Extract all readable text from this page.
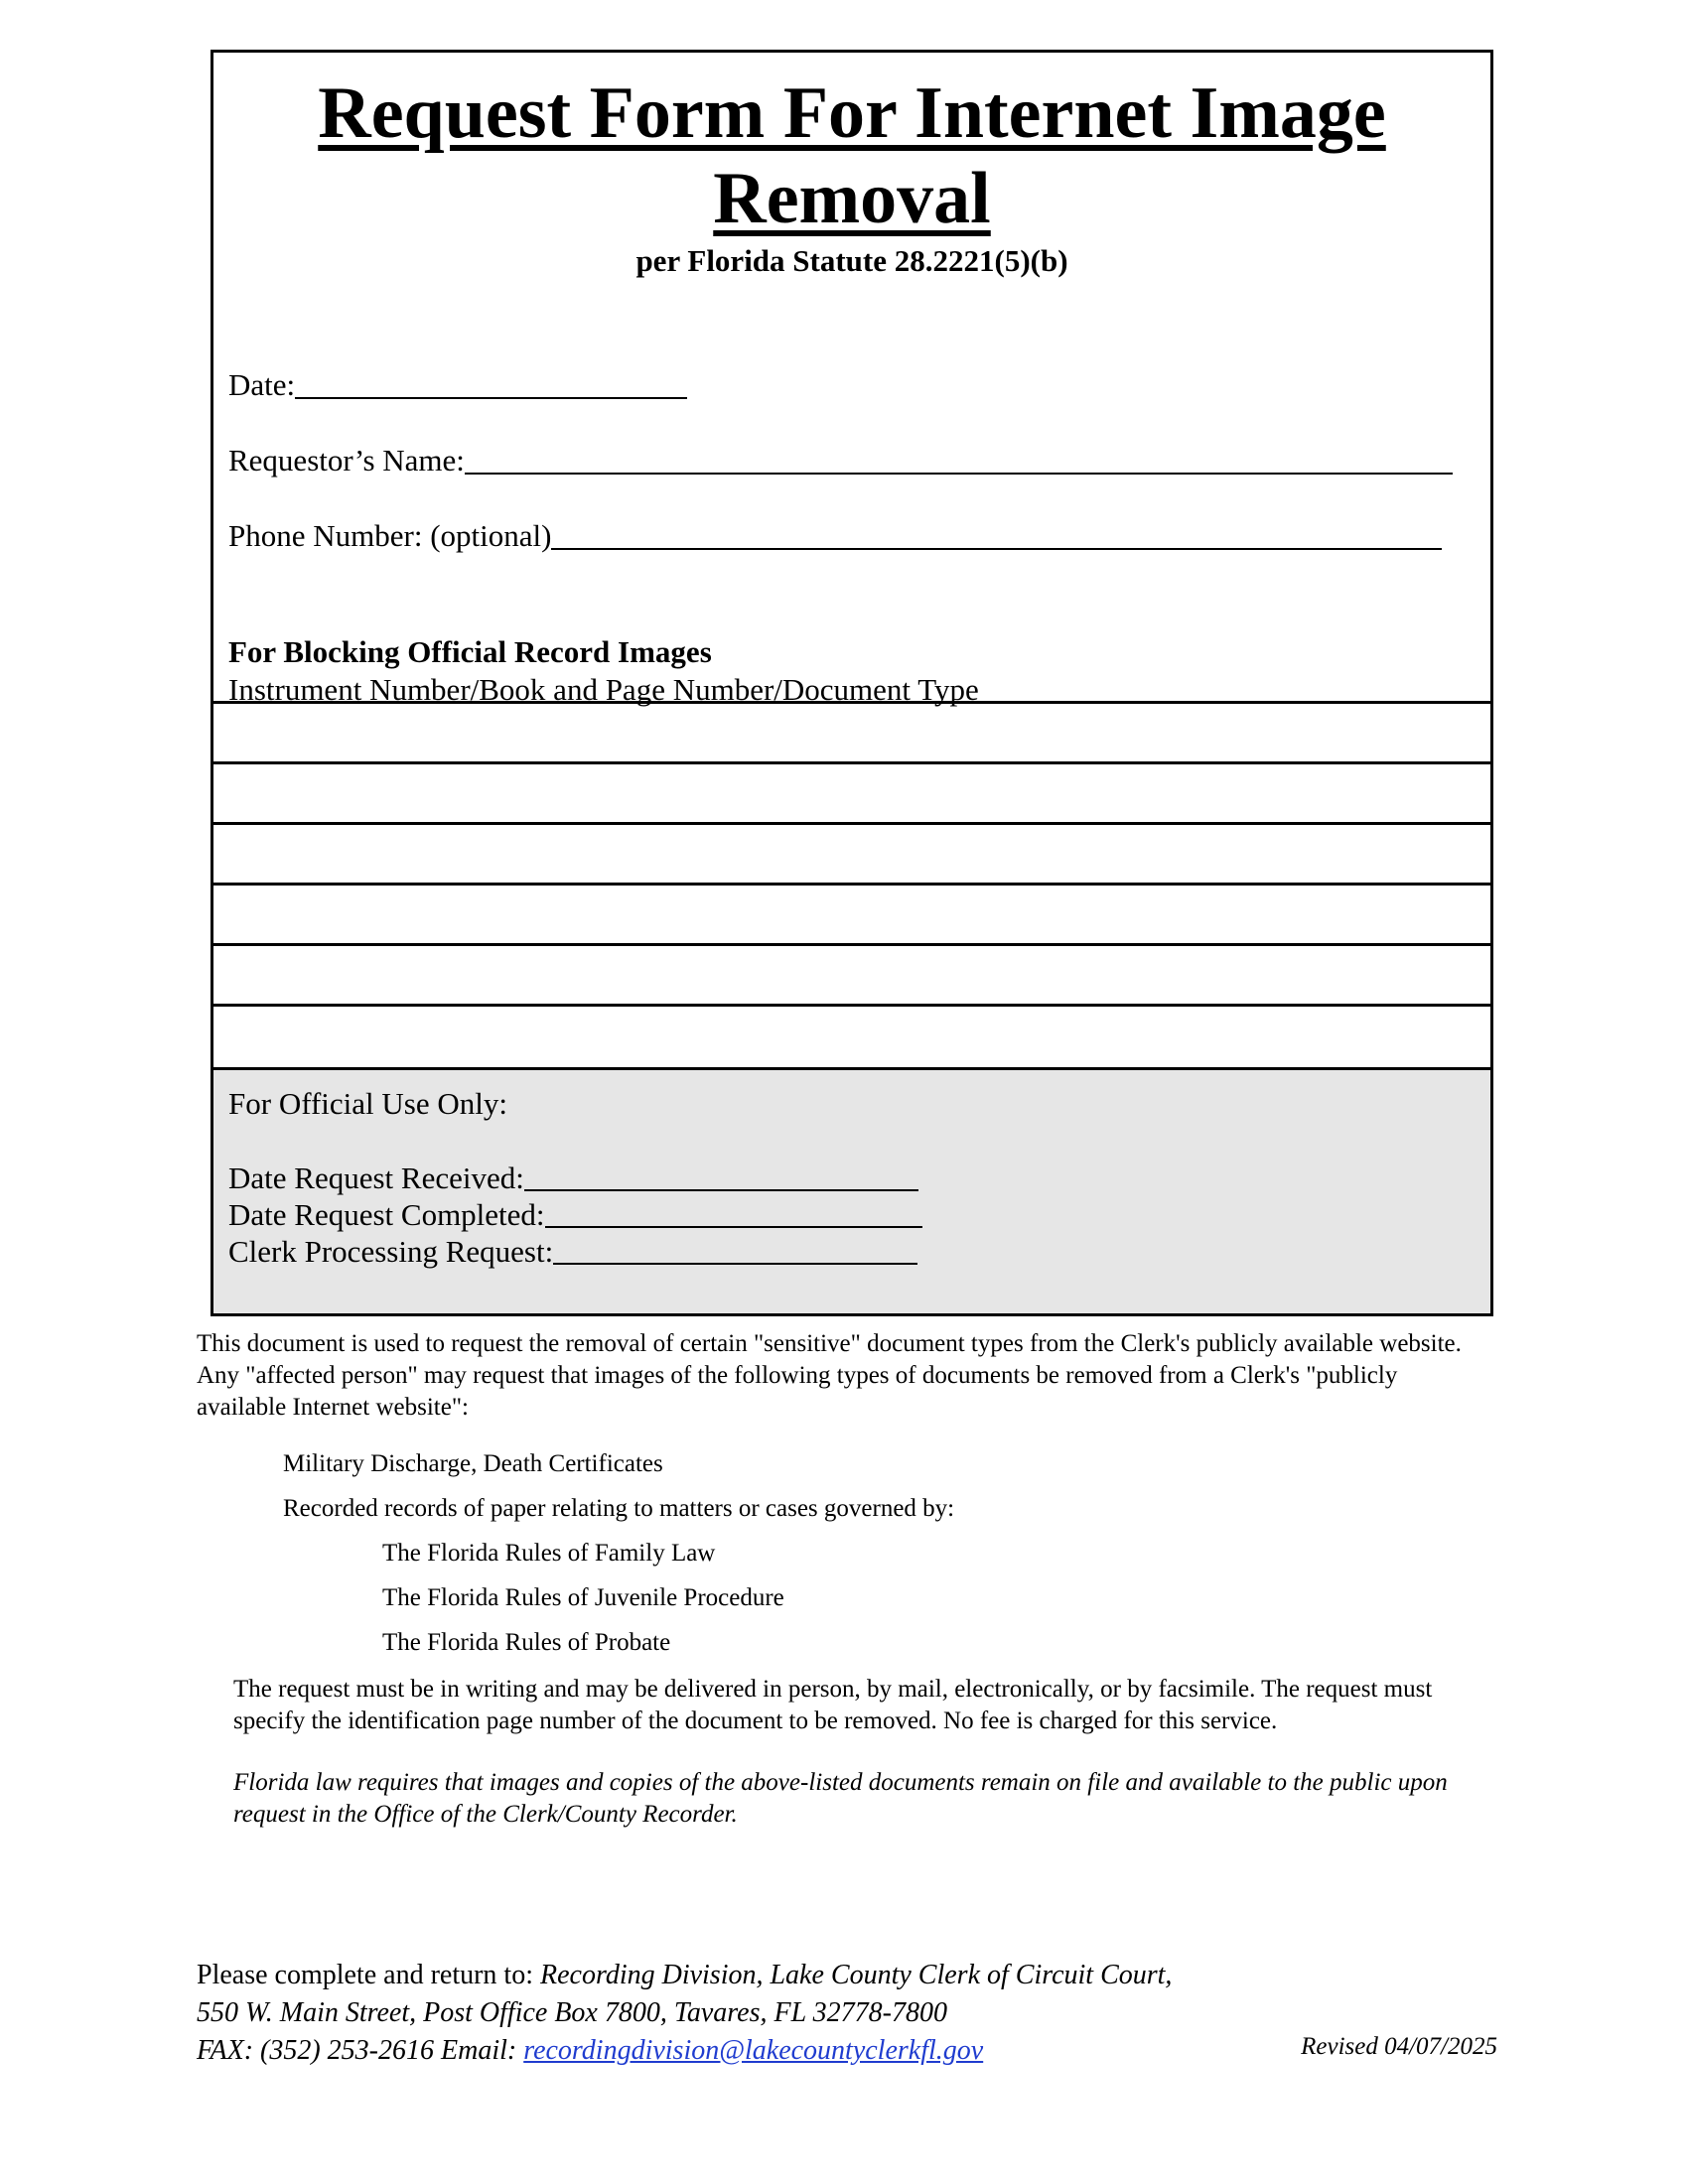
Request Form For Internet Image
Removal
per Florida Statute 28.2221(5)(b)
Date:
Requestor’s Name:
Phone Number: (optional)
For Blocking Official Record Images
Instrument Number/Book and Page Number/Document Type
For Official Use Only:
Date Request Received:
Date Request Completed:
Clerk Processing Request:
This document is used to request the removal of certain "sensitive" document types from the Clerk's publicly available website. Any "affected person" may request that images of the following types of documents be removed from a Clerk's "publicly available Internet website":
Military Discharge, Death Certificates
Recorded records of paper relating to matters or cases governed by:
The Florida Rules of Family Law
The Florida Rules of Juvenile Procedure
The Florida Rules of Probate
The request must be in writing and may be delivered in person, by mail, electronically, or by facsimile. The request must specify the identification page number of the document to be removed. No fee is charged for this service.
Florida law requires that images and copies of the above-listed documents remain on file and available to the public upon request in the Office of the Clerk/County Recorder.
Please complete and return to: Recording Division, Lake County Clerk of Circuit Court,
550 W. Main Street, Post Office Box 7800, Tavares, FL 32778-7800
FAX: (352) 253-2616 Email: recordingdivision@lakecountyclerkfl.gov	Revised 04/07/2025
